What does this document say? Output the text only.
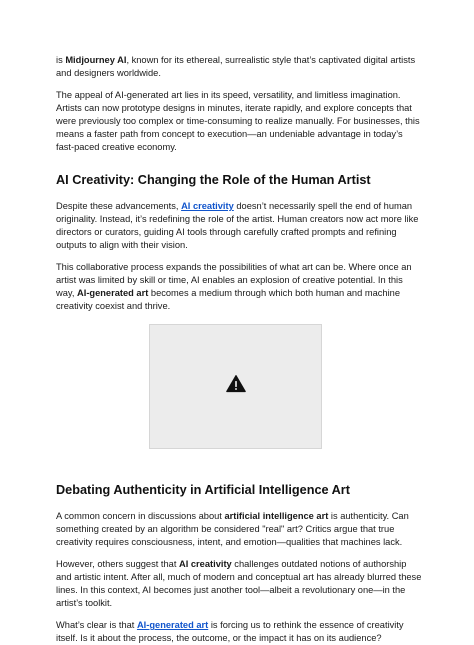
is Midjourney AI, known for its ethereal, surrealistic style that’s captivated digital artists and designers worldwide.

The appeal of AI-generated art lies in its speed, versatility, and limitless imagination. Artists can now prototype designs in minutes, iterate rapidly, and explore concepts that were previously too complex or time-consuming to realize manually. For businesses, this means a faster path from concept to execution—an undeniable advantage in today’s fast-paced creative economy.

AI Creativity: Changing the Role of the Human Artist

Despite these advancements, AI creativity doesn’t necessarily spell the end of human originality. Instead, it’s redefining the role of the artist. Human creators now act more like directors or curators, guiding AI tools through carefully crafted prompts and refining outputs to align with their vision.

This collaborative process expands the possibilities of what art can be. Where once an artist was limited by skill or time, AI enables an explosion of creative potential. In this way, AI-generated art becomes a medium through which both human and machine creativity coexist and thrive.

Debating Authenticity in Artificial Intelligence Art

A common concern in discussions about artificial intelligence art is authenticity. Can something created by an algorithm be considered "real" art? Critics argue that true creativity requires consciousness, intent, and emotion—qualities that machines lack.

However, others suggest that AI creativity challenges outdated notions of authorship and artistic intent. After all, much of modern and conceptual art has already blurred these lines. In this context, AI becomes just another tool—albeit a revolutionary one—in the artist’s toolkit.

What’s clear is that AI-generated art is forcing us to rethink the essence of creativity itself. Is it about the process, the outcome, or the impact it has on its audience?
